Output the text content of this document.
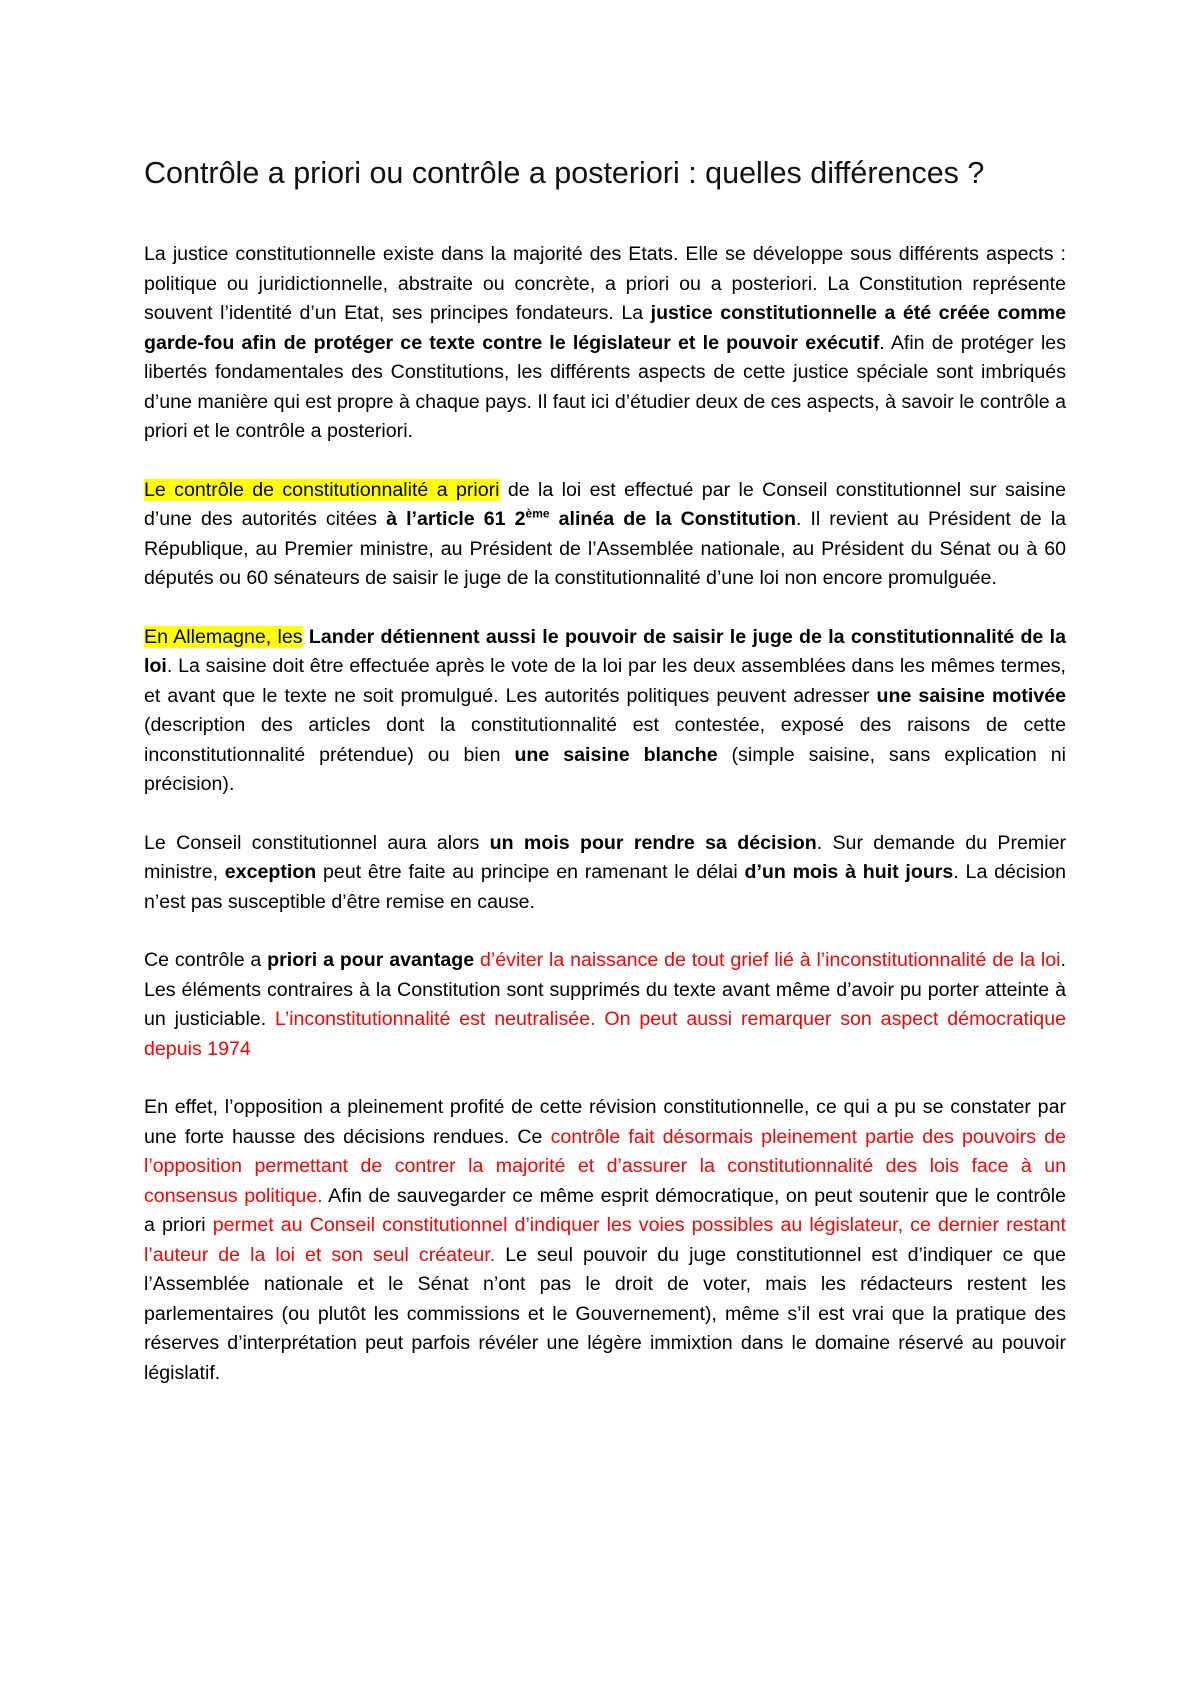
Contrôle a priori ou contrôle a posteriori : quelles différences ?

La justice constitutionnelle existe dans la majorité des Etats. Elle se développe sous différents aspects : politique ou juridictionnelle, abstraite ou concrète, a priori ou a posteriori. La Constitution représente souvent l’identité d’un Etat, ses principes fondateurs. La justice constitutionnelle a été créée comme garde-fou afin de protéger ce texte contre le législateur et le pouvoir exécutif. Afin de protéger les libertés fondamentales des Constitutions, les différents aspects de cette justice spéciale sont imbriqués d’une manière qui est propre à chaque pays. Il faut ici d’étudier deux de ces aspects, à savoir le contrôle a priori et le contrôle a posteriori.

Le contrôle de constitutionnalité a priori de la loi est effectué par le Conseil constitutionnel sur saisine d’une des autorités citées à l’article 61 2ème alinéa de la Constitution. Il revient au Président de la République, au Premier ministre, au Président de l’Assemblée nationale, au Président du Sénat ou à 60 députés ou 60 sénateurs de saisir le juge de la constitutionnalité d’une loi non encore promulguée.

En Allemagne, les Lander détiennent aussi le pouvoir de saisir le juge de la constitutionnalité de la loi. La saisine doit être effectuée après le vote de la loi par les deux assemblées dans les mêmes termes, et avant que le texte ne soit promulgué. Les autorités politiques peuvent adresser une saisine motivée (description des articles dont la constitutionnalité est contestée, exposé des raisons de cette inconstitutionnalité prétendue) ou bien une saisine blanche (simple saisine, sans explication ni précision).

Le Conseil constitutionnel aura alors un mois pour rendre sa décision. Sur demande du Premier ministre, exception peut être faite au principe en ramenant le délai d’un mois à huit jours. La décision n’est pas susceptible d’être remise en cause.

Ce contrôle a priori a pour avantage d’éviter la naissance de tout grief lié à l’inconstitutionnalité de la loi. Les éléments contraires à la Constitution sont supprimés du texte avant même d’avoir pu porter atteinte à un justiciable. L’inconstitutionnalité est neutralisée. On peut aussi remarquer son aspect démocratique depuis 1974

En effet, l’opposition a pleinement profité de cette révision constitutionnelle, ce qui a pu se constater par une forte hausse des décisions rendues. Ce contrôle fait désormais pleinement partie des pouvoirs de l’opposition permettant de contrer la majorité et d’assurer la constitutionnalité des lois face à un consensus politique. Afin de sauvegarder ce même esprit démocratique, on peut soutenir que le contrôle a priori permet au Conseil constitutionnel d’indiquer les voies possibles au législateur, ce dernier restant l’auteur de la loi et son seul créateur. Le seul pouvoir du juge constitutionnel est d’indiquer ce que l’Assemblée nationale et le Sénat n’ont pas le droit de voter, mais les rédacteurs restent les parlementaires (ou plutôt les commissions et le Gouvernement), même s’il est vrai que la pratique des réserves d’interprétation peut parfois révéler une légère immixtion dans le domaine réservé au pouvoir législatif.
